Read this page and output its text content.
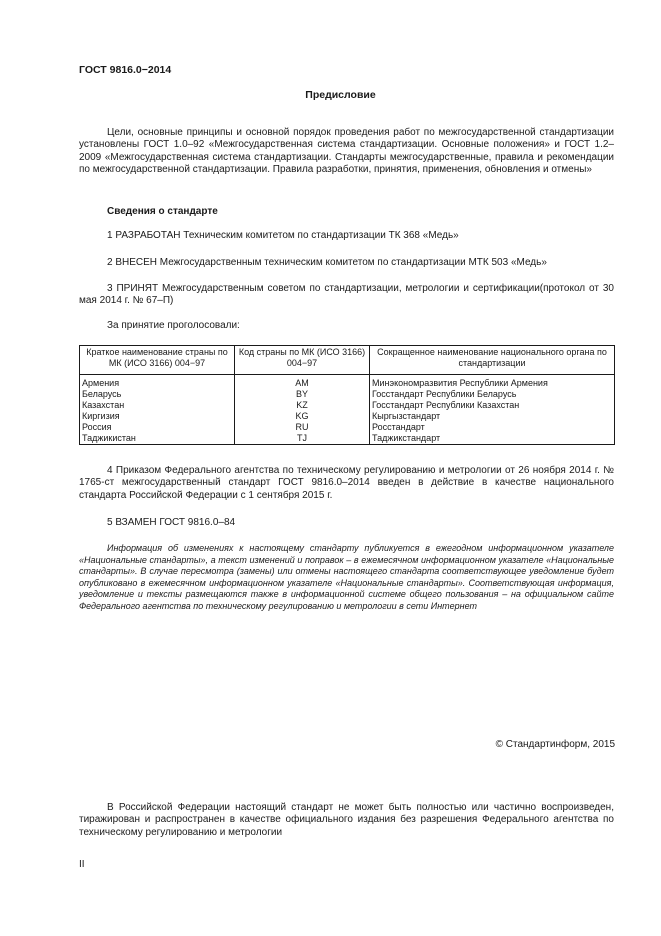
ГОСТ 9816.0−2014
Предисловие

Цели, основные принципы и основной порядок проведения работ по межгосударственной стандартизации установлены ГОСТ 1.0–92 «Межгосударственная система стандартизации. Основные положения» и ГОСТ 1.2–2009 «Межгосударственная система стандартизации. Стандарты межгосударственные, правила и рекомендации по межгосударственной стандартизации. Правила разработки, принятия, применения, обновления и отмены»

Сведения о стандарте
1 РАЗРАБОТАН Техническим комитетом по стандартизации ТК 368 «Медь»
2 ВНЕСЕН Межгосударственным техническим комитетом по стандартизации МТК 503 «Медь»

3 ПРИНЯТ Межгосударственным советом по стандартизации, метрологии и сертификации(протокол от 30 мая 2014 г. № 67–П)

За принятие проголосовали:
Краткое наименование страны по МК (ИСО 3166) 004−97	Код страны по МК (ИСО 3166) 004−97	Сокращенное наименование национального органа по стандартизации
Армения	AM	Минэкономразвития Республики Армения
Беларусь	BY	Госстандарт Республики Беларусь
Казахстан	KZ	Госстандарт Республики Казахстан
Киргизия	KG	Кыргызстандарт
Россия	RU	Росстандарт
Таджикистан	TJ	Таджикстандарт

4 Приказом Федерального агентства по техническому регулированию и метрологии от 26 ноября 2014 г. № 1765-ст межгосударственный стандарт ГОСТ 9816.0–2014 введен в действие в качестве национального стандарта Российской Федерации с 1 сентября 2015 г.

5 ВЗАМЕН ГОСТ 9816.0–84

Информация об изменениях к настоящему стандарту публикуется в ежегодном информационном указателе «Национальные стандарты», а текст изменений и поправок – в ежемесячном информационном указателе «Национальные стандарты». В случае пересмотра (замены) или отмены настоящего стандарта соответствующее уведомление будет опубликовано в ежемесячном информационном указателе «Национальные стандарты». Соответствующая информация, уведомление и тексты размещаются также в информационной системе общего пользования – на официальном сайте Федерального агентства по техническому регулированию и метрологии в сети Интернет

© Стандартинформ, 2015

В Российской Федерации настоящий стандарт не может быть полностью или частично воспроизведен, тиражирован и распространен в качестве официального издания без разрешения Федерального агентства по техническому регулированию и метрологии

II
